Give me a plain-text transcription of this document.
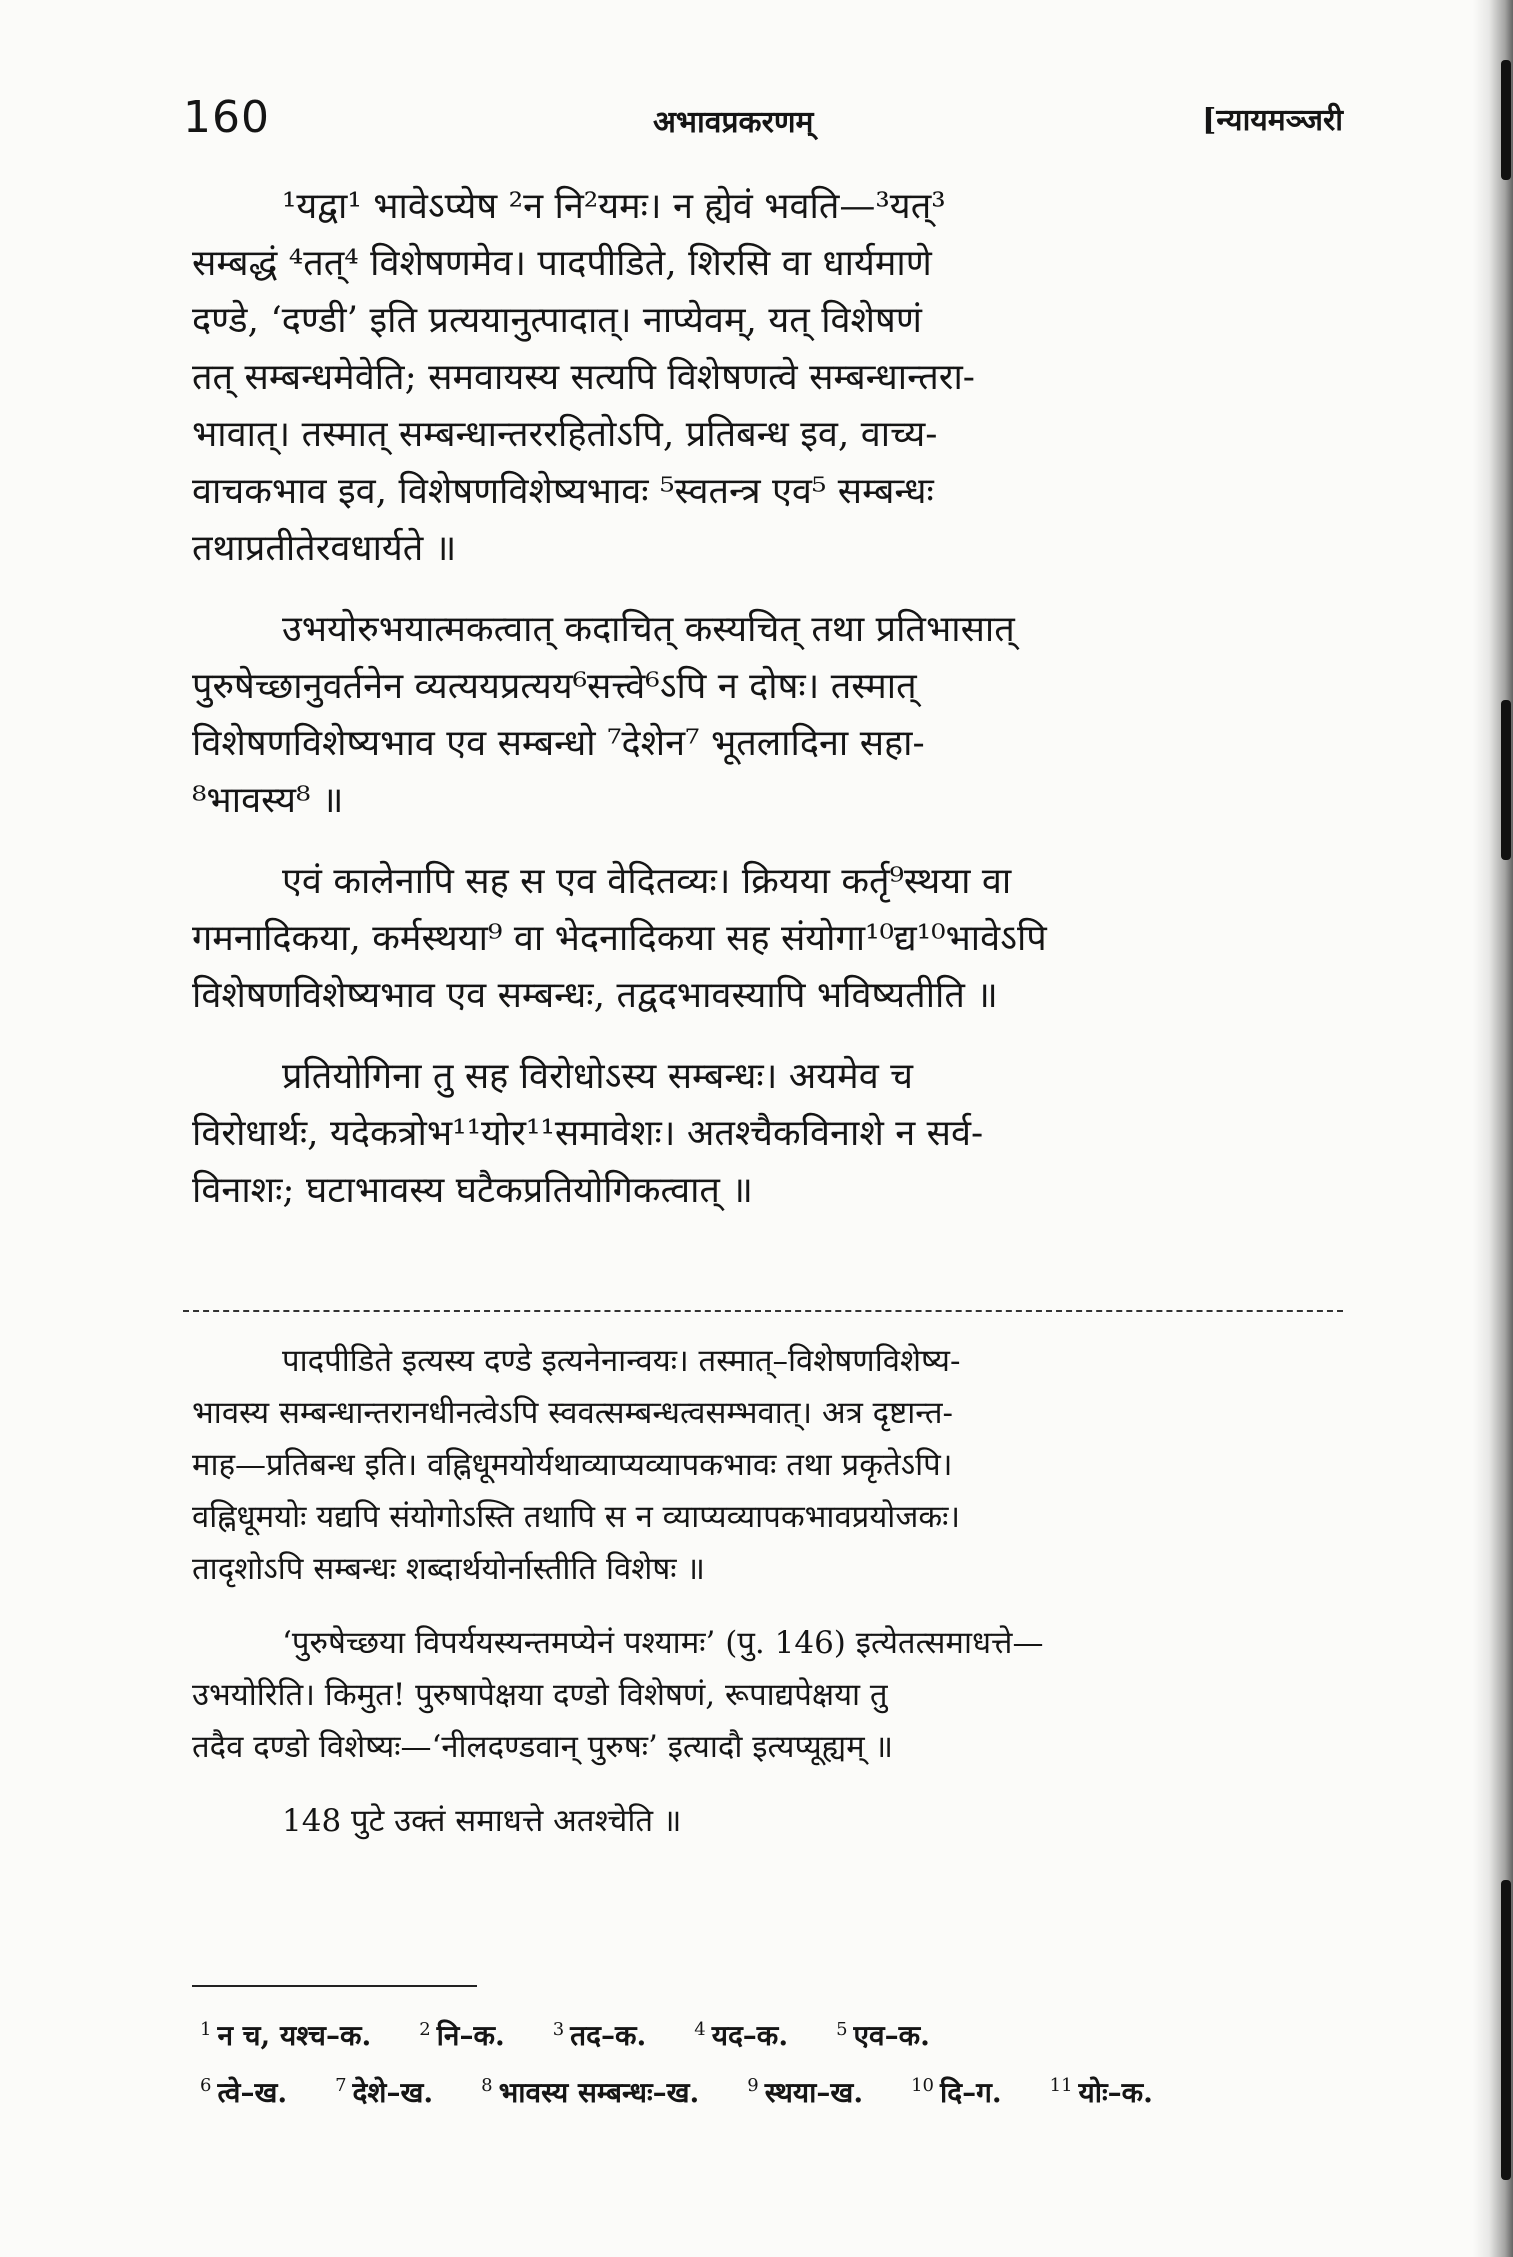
160	अभावप्रकरणम्	[न्यायमञ्जरी
¹यद्वा¹ भावेऽप्येष ²न नि²यमः। न ह्येवं भवति—³यत्³
सम्बद्धं ⁴तत्⁴ विशेषणमेव। पादपीडिते, शिरसि वा धार्यमाणे
दण्डे, ‘दण्डी’ इति प्रत्ययानुत्पादात्। नाप्येवम्, यत् विशेषणं
तत् सम्बन्धमेवेति; समवायस्य सत्यपि विशेषणत्वे सम्बन्धान्तरा-
भावात्। तस्मात् सम्बन्धान्तररहितोऽपि, प्रतिबन्ध इव, वाच्य-
वाचकभाव इव, विशेषणविशेष्यभावः ⁵स्वतन्त्र एव⁵ सम्बन्धः
तथाप्रतीतेरवधार्यते ॥
उभयोरुभयात्मकत्वात् कदाचित् कस्यचित् तथा प्रतिभासात्
पुरुषेच्छानुवर्तनेन व्यत्ययप्रत्यय⁶सत्त्वे⁶ऽपि न दोषः। तस्मात्
विशेषणविशेष्यभाव एव सम्बन्धो ⁷देशेन⁷ भूतलादिना सहा-
⁸भावस्य⁸ ॥
एवं कालेनापि सह स एव वेदितव्यः। क्रियया कर्तृ⁹स्थया वा
गमनादिकया, कर्मस्थया⁹ वा भेदनादिकया सह संयोगा¹⁰द्य¹⁰भावेऽपि
विशेषणविशेष्यभाव एव सम्बन्धः, तद्वदभावस्यापि भविष्यतीति ॥
प्रतियोगिना तु सह विरोधोऽस्य सम्बन्धः। अयमेव च
विरोधार्थः, यदेकत्रोभ¹¹योर¹¹समावेशः। अतश्चैकविनाशे न सर्व-
विनाशः; घटाभावस्य घटैकप्रतियोगिकत्वात् ॥
पादपीडिते इत्यस्य दण्डे इत्यनेनान्वयः। तस्मात्–विशेषणविशेष्य-
भावस्य सम्बन्धान्तरानधीनत्वेऽपि स्ववत्सम्बन्धत्वसम्भवात्। अत्र दृष्टान्त-
माह—प्रतिबन्ध इति। वह्निधूमयोर्यथाव्याप्यव्यापकभावः तथा प्रकृतेऽपि।
वह्निधूमयोः यद्यपि संयोगोऽस्ति तथापि स न व्याप्यव्यापकभावप्रयोजकः।
तादृशोऽपि सम्बन्धः शब्दार्थयोर्नास्तीति विशेषः ॥
‘पुरुषेच्छया विपर्ययस्यन्तमप्येनं पश्यामः’ (पु. 146) इत्येतत्समाधत्ते—
उभयोरिति। किमुत! पुरुषापेक्षया दण्डो विशेषणं, रूपाद्यपेक्षया तु
तदैव दण्डो विशेष्यः—‘नीलदण्डवान् पुरुषः’ इत्यादौ इत्यप्यूह्यम् ॥
148 पुटे उक्तं समाधत्ते अतश्चेति ॥
$^1$ न च, यश्च–क.	$^2$ नि–क.	$^3$ तद–क.	$^4$ यद–क.	$^5$ एव–क.
$^6$ त्वे–ख.	$^7$ देशे–ख.	$^8$ भावस्य सम्बन्धः–ख.	$^9$ स्थया–ख.	$^{10}$ दि–ग.	$^{11}$ योः–क.
